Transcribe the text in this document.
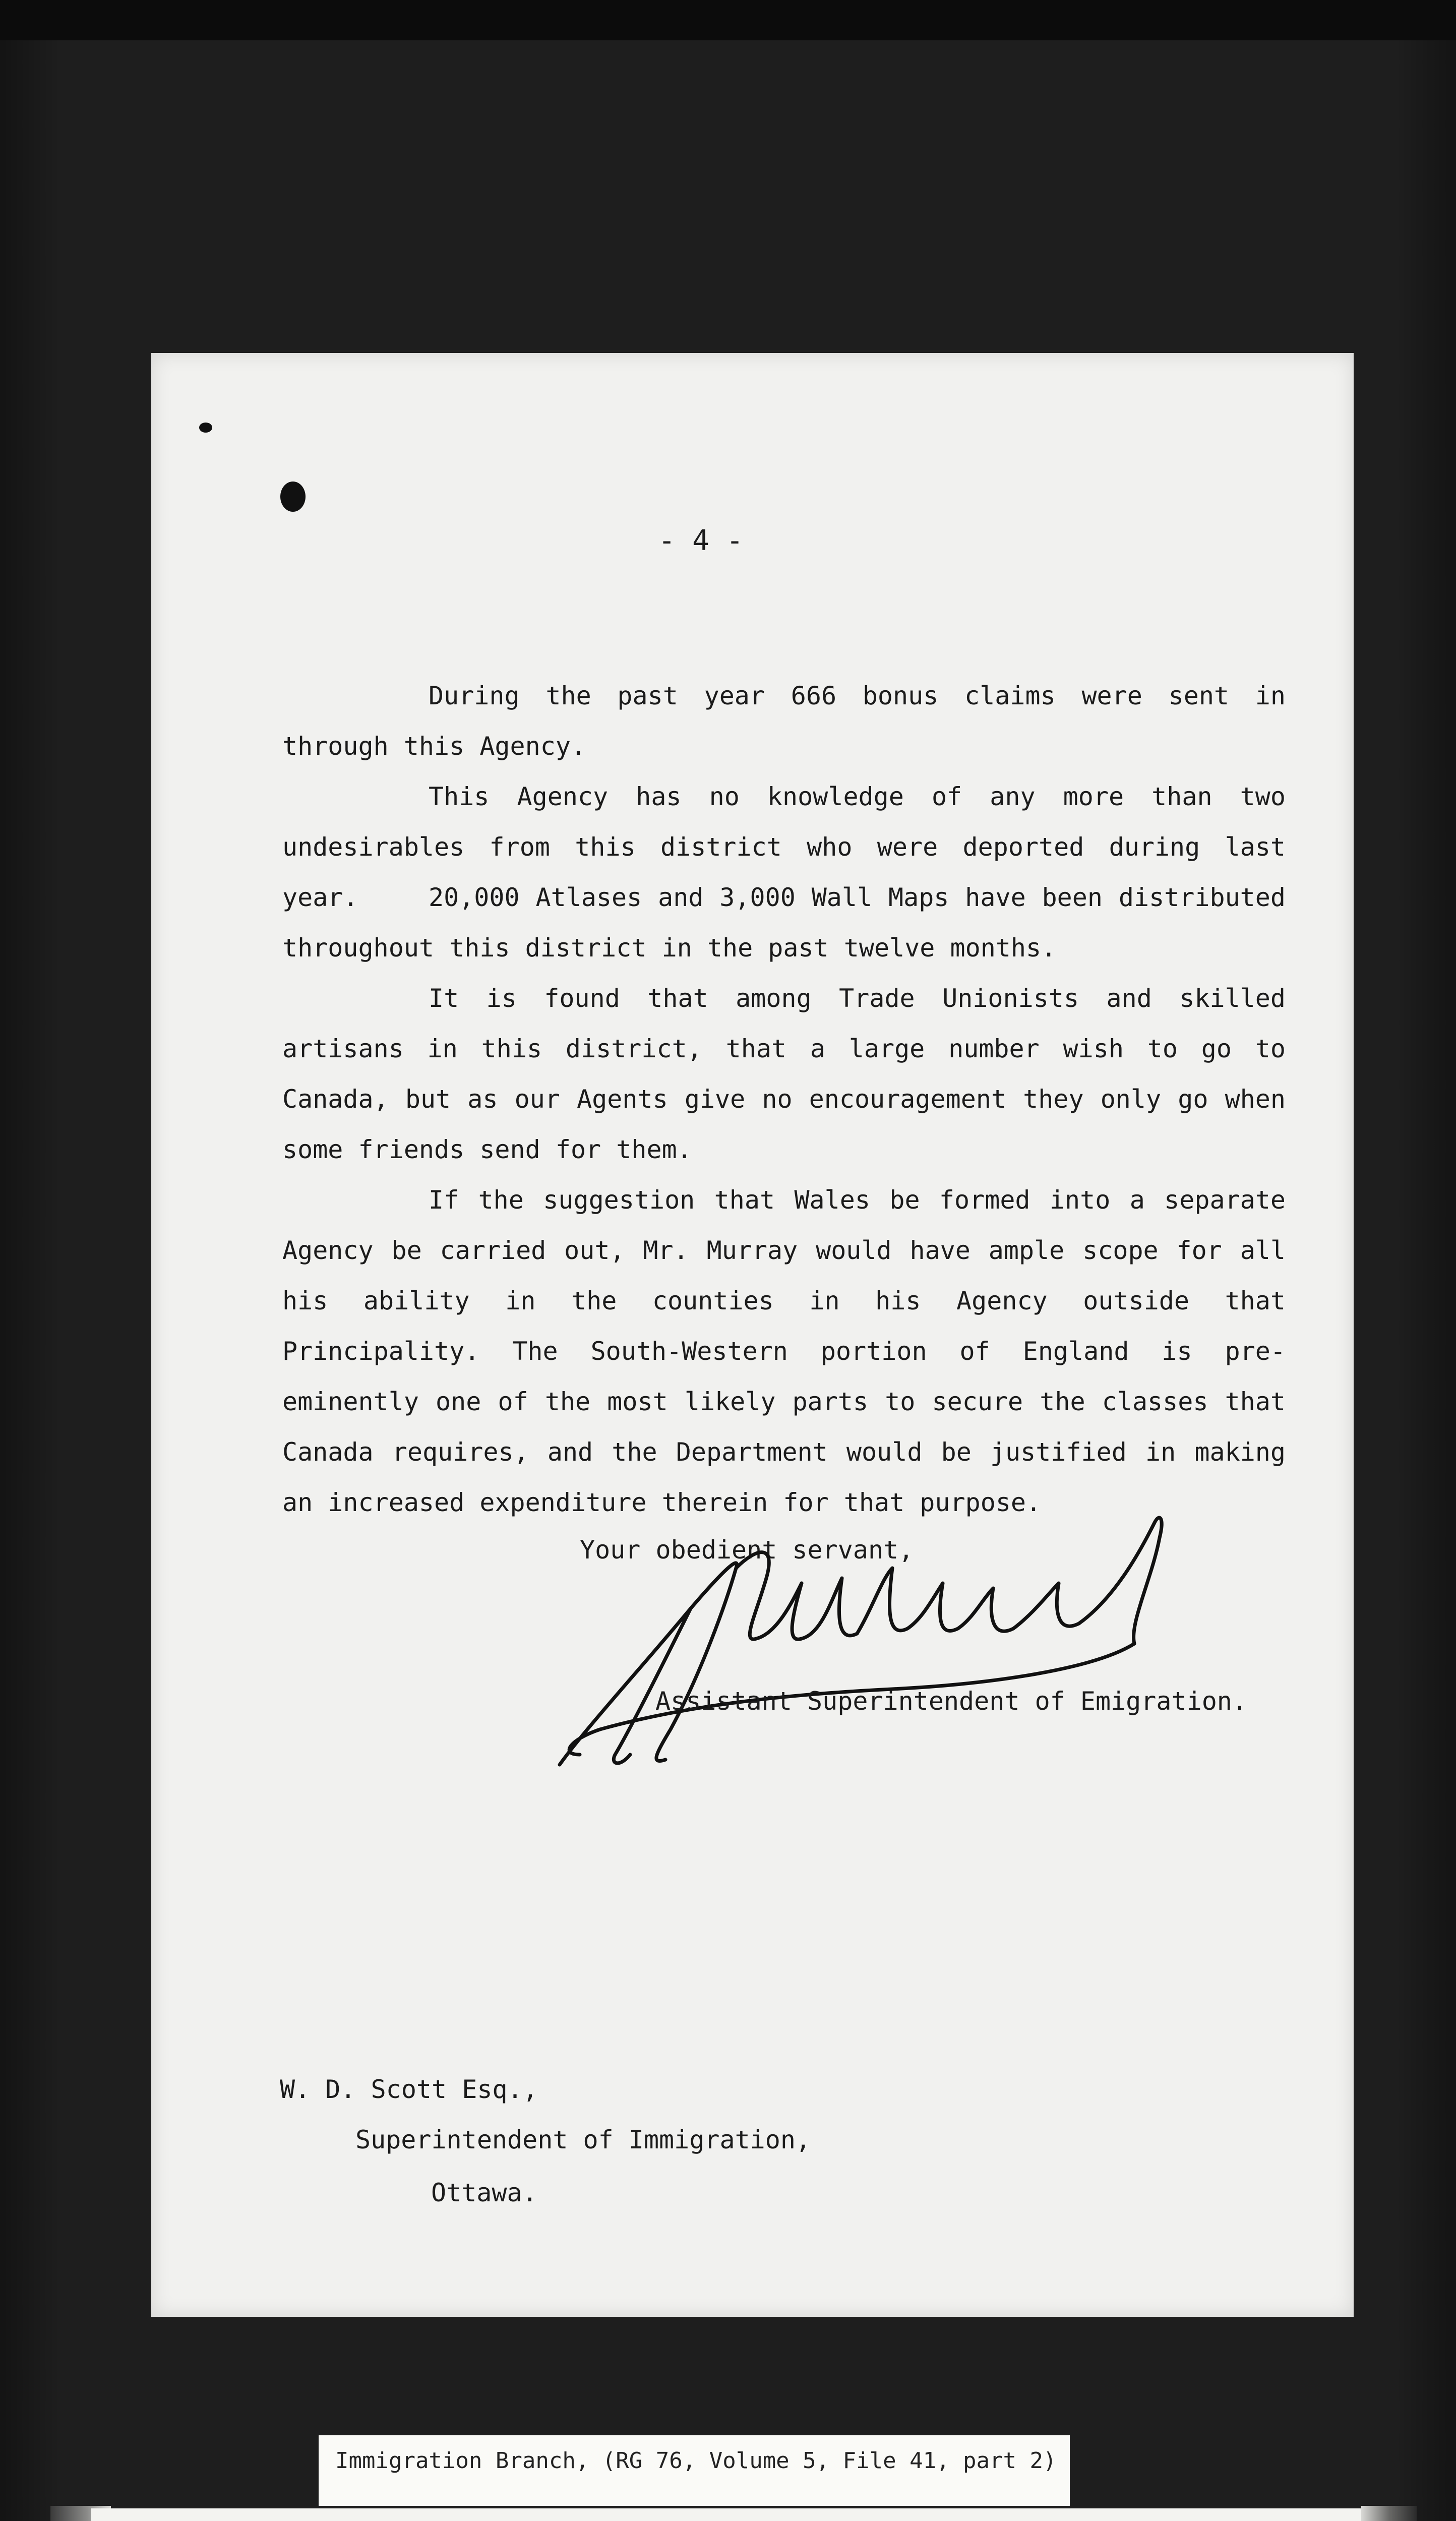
- 4 -

During the past year 666 bonus claims were sent in through this Agency.

This Agency has no knowledge of any more than two undesirables from this district who were deported during last year.	20,000 Atlases and 3,000 Wall Maps have been distributed throughout this district in the past twelve months.

It is found that among Trade Unionists and skilled artisans in this district, that a large number wish to go to Canada, but as our Agents give no encouragement they only go when some friends send for them.

If the suggestion that Wales be formed into a separate Agency be carried out, Mr. Murray would have ample scope for all his ability in the counties in his Agency outside that Principality. The South-Western portion of England is pre-eminently one of the most likely parts to secure the classes that Canada requires, and the Department would be justified in making an increased expenditure therein for that purpose.

Your obedient servant,
Assistant Superintendent of Emigration.
W. D. Scott Esq.,
Superintendent of Immigration,
Ottawa.
Immigration Branch, (RG 76, Volume 5, File 41, part 2)
